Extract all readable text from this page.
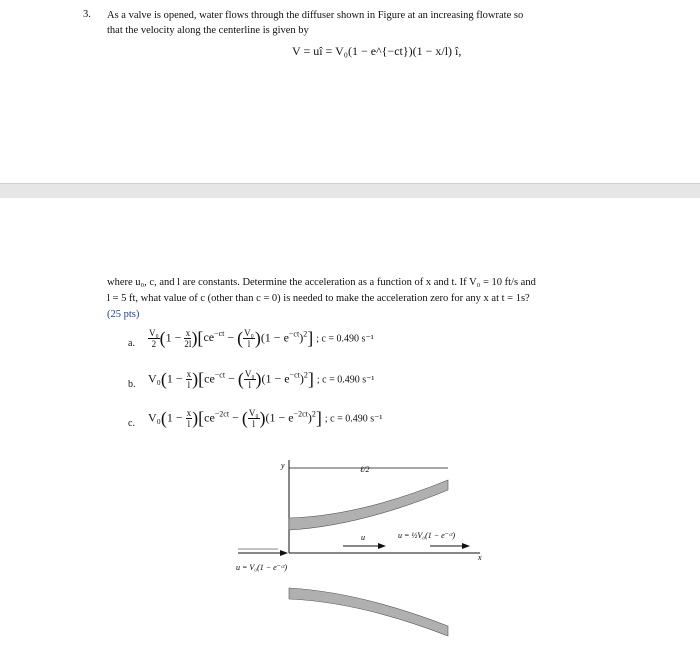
3. As a valve is opened, water flows through the diffuser shown in Figure at an increasing flowrate so
that the velocity along the centerline is given by
V = uî = V₀(1 − e^{−ct})(1 − x/l) î,
where u₀, c, and l are constants. Determine the acceleration as a function of x and t. If V₀ = 10 ft/s and
l = 5 ft, what value of c (other than c = 0) is needed to make the acceleration zero for any x at t = 1s?
(25 pts)
a. $\frac{\text{V₀}}{2} (1 - \frac{x}{2l} )[ce^{-ct}$ − ( $\frac{\text{V₀}}{l} )(1 - e^{-ct})^2$] ; c = 0.490 s⁻¹
b. $V_0(1 - \frac{x}{l} )[ce^{-ct}$ − ( $\frac{\text{V₀}}{l} )(1 - e^{-ct})^2$] ; c = 0.490 s⁻¹
c. $V_0(1 - \frac{x}{l} )[ce^{-2ct}$ − ( $\frac{\text{V₀}}{l} )(1 - e^{-2ct})^2$] ; c = 0.490 s⁻¹
ℓ/2
x
y
u = V₀(1 − e⁻ᶜᵗ)
u	u = ½V₀(1 − e⁻ᶜᵗ)
